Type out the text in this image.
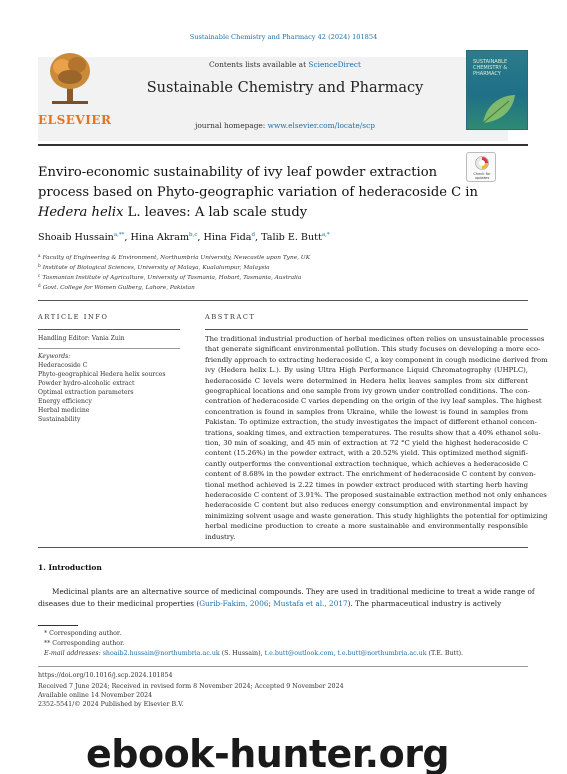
Sustainable Chemistry and Pharmacy 42 (2024) 101854
ELSEVIER
Contents lists available at ScienceDirect
Sustainable Chemistry and Pharmacy
journal homepage: www.elsevier.com/locate/scp
SUSTAINABLE CHEMISTRY & PHARMACY
Check for updates
Enviro-economic sustainability of ivy leaf powder extraction
process based on Phyto-geographic variation of hederacoside C in
Hedera helix L. leaves: A lab scale study
Shoaib Hussain$^{a,**}$, Hina Akram$^{b,c}$, Hina Fida$^d$, Talib E. Butt$^{a,*}$
$^a$ Faculty of Engineering & Environment, Northumbria University, Newcastle upon Tyne, UK
$^b$ Institute of Biological Sciences, University of Malaya, Kualalumpur, Malaysia
$^c$ Tasmanian Institute of Agriculture, University of Tasmania, Hobart, Tasmania, Australia
$^d$ Govt. College for Women Gulberg, Lahore, Pakistan
ARTICLE INFO	ABSTRACT
Handling Editor: Vania Zuin
Keywords:
Hederacoside C
Phyto-geographical Hedera helix sources
Powder hydro-alcoholic extract
Optimal extraction parameters
Energy efficiency
Herbal medicine
Sustainability
The traditional industrial production of herbal medicines often relies on unsustainable processes
that generate significant environmental pollution. This study focuses on developing a more eco-
friendly approach to extracting hederacoside C, a key component in cough medicine derived from
ivy (Hedera helix L.). By using Ultra High Performance Liquid Chromatography (UHPLC),
hederacoside C levels were determined in Hedera helix leaves samples from six different
geographical locations and one sample from ivy grown under controlled conditions. The con-
centration of hederacoside C varies depending on the origin of the ivy leaf samples. The highest
concentration is found in samples from Ukraine, while the lowest is found in samples from
Pakistan. To optimize extraction, the study investigates the impact of different ethanol concen-
trations, soaking times, and extraction temperatures. The results show that a 40% ethanol solu-
tion, 30 min of soaking, and 45 min of extraction at 72 °C yield the highest hederacoside C
content (15.26%) in the powder extract, with a 20.52% yield. This optimized method signifi-
cantly outperforms the conventional extraction technique, which achieves a hederacoside C
content of 8.68% in the powder extract. The enrichment of hederacoside C content by conven-
tional method achieved is 2.22 times in powder extract produced with starting herb having
hederacoside C content of 3.91%. The proposed sustainable extraction method not only enhances
hederacoside C content but also reduces energy consumption and environmental impact by
minimizing solvent usage and waste generation. This study highlights the potential for optimizing
herbal medicine production to create a more sustainable and environmentally responsible
industry.
1. Introduction
Medicinal plants are an alternative source of medicinal compounds. They are used in traditional medicine to treat a wide range of
diseases due to their medicinal properties (Gurib-Fakim, 2006; Mustafa et al., 2017). The pharmaceutical industry is actively
* Corresponding author.
** Corresponding author.
E-mail addresses: shoaib2.hussain@northumbria.ac.uk (S. Hussain), t.e.butt@outlook.com, t.e.butt@northumbria.ac.uk (T.E. Butt).
https://doi.org/10.1016/j.scp.2024.101854
Received 7 June 2024; Received in revised form 8 November 2024; Accepted 9 November 2024
Available online 14 November 2024
2352-5541/© 2024 Published by Elsevier B.V.
ebook-hunter.org
